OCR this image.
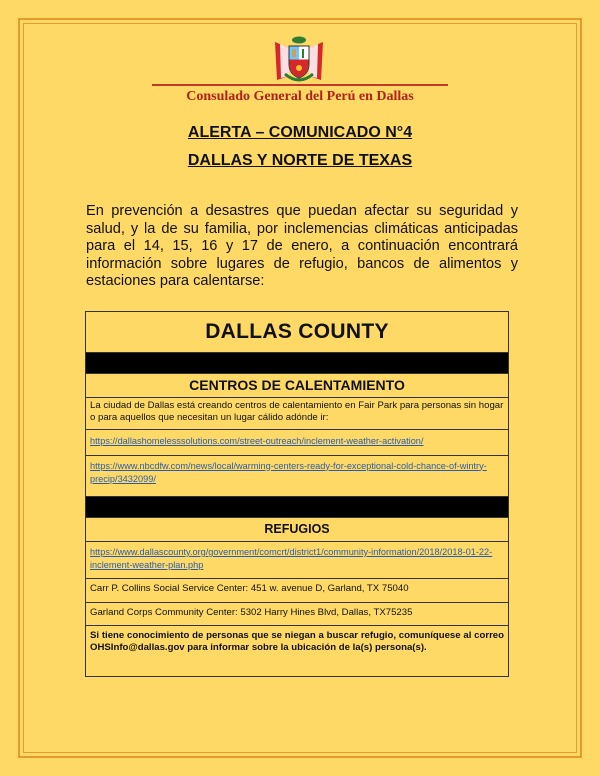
Consulado General del Perú en Dallas
ALERTA – COMUNICADO N°4
DALLAS Y NORTE DE TEXAS
En prevención a desastres que puedan afectar su seguridad y salud, y la de su familia, por inclemencias climáticas anticipadas para el 14, 15, 16 y 17 de enero, a continuación encontrará información sobre lugares de refugio, bancos de alimentos y estaciones para calentarse:
DALLAS COUNTY

CENTROS DE CALENTAMIENTO
La ciudad de Dallas está creando centros de calentamiento en Fair Park para personas sin hogar o para aquellos que necesitan un lugar cálido adónde ir:
https://dallashomelesssolutions.com/street-outreach/inclement-weather-activation/
https://www.nbcdfw.com/news/local/warming-centers-ready-for-exceptional-cold-chance-of-wintry-precip/3432099/

REFUGIOS
https://www.dallascounty.org/government/comcrt/district1/community-information/2018/2018-01-22-inclement-weather-plan.php
Carr P. Collins Social Service Center: 451 w. avenue D, Garland, TX 75040
Garland Corps Community Center: 5302 Harry Hines Blvd, Dallas, TX75235
Si tiene conocimiento de personas que se niegan a buscar refugio, comuníquese al correo OHSInfo@dallas.gov para informar sobre la ubicación de la(s) persona(s).
